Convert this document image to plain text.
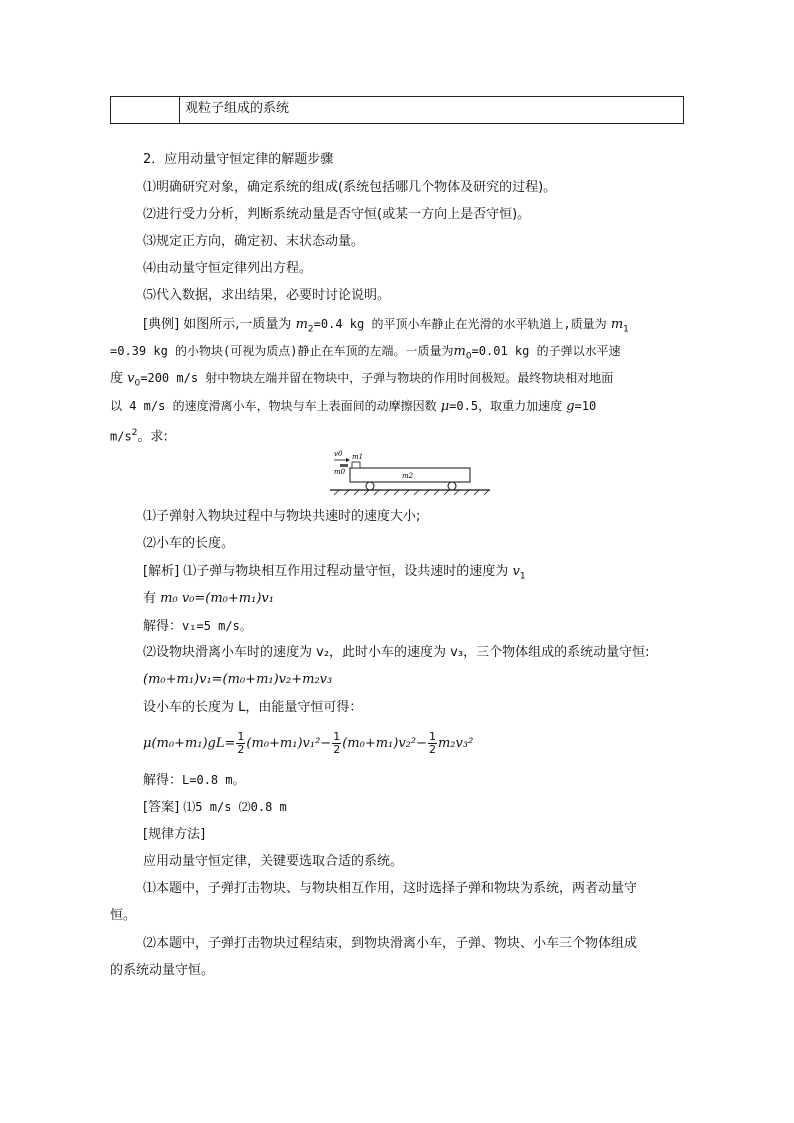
观粒子组成的系统
2．应用动量守恒定律的解题步骤
⑴明确研究对象，确定系统的组成(系统包括哪几个物体及研究的过程)。
⑵进行受力分析，判断系统动量是否守恒(或某一方向上是否守恒)。
⑶规定正方向，确定初、末状态动量。
⑷由动量守恒定律列出方程。
⑸代入数据，求出结果，必要时讨论说明。
[典例] 如图所示,一质量为 $m_2=0.4$ kg 的平顶小车静止在光滑的水平轨道上,质量为 $m_1$
=0.39 kg 的小物块(可视为质点)静止在车顶的左端。一质量为$m_0=0.01$ kg 的子弹以水平速
度 $v_0=200$ m/s 射中物块左端并留在物块中，子弹与物块的作用时间极短。最终物块相对地面
以 4 m/s 的速度滑离小车，物块与车上表面间的动摩擦因数 μ=0.5，取重力加速度 g=10
$m/s^2$。求:
v0 m1
m0	m2
⑴子弹射入物块过程中与物块共速时的速度大小;
⑵小车的长度。
[解析] ⑴子弹与物块相互作用过程动量守恒，设共速时的速度为 $v_1$
有 m₀ v₀=(m₀+m₁)v₁
解得：v₁=5 m/s。
⑵设物块滑离小车时的速度为 v₂，此时小车的速度为 v₃，三个物体组成的系统动量守恒:
(m₀+m₁)v₁=(m₀+m₁)v₂+m₂v₃
设小车的长度为 L，由能量守恒可得：
$\mu(m_0+m_1)gL= \frac{1}{2} (m_0+m_1)v_1^2- \frac{1}{2} (m_0+m_1)v_2^2- \frac{1}{2} m_2v_3^2$
解得：L=0.8 m。
[答案] ⑴5 m/s ⑵0.8 m
[规律方法]
应用动量守恒定律，关键要选取合适的系统。
⑴本题中，子弹打击物块、与物块相互作用，这时选择子弹和物块为系统，两者动量守
恒。
⑵本题中，子弹打击物块过程结束，到物块滑离小车，子弹、物块、小车三个物体组成
的系统动量守恒。
